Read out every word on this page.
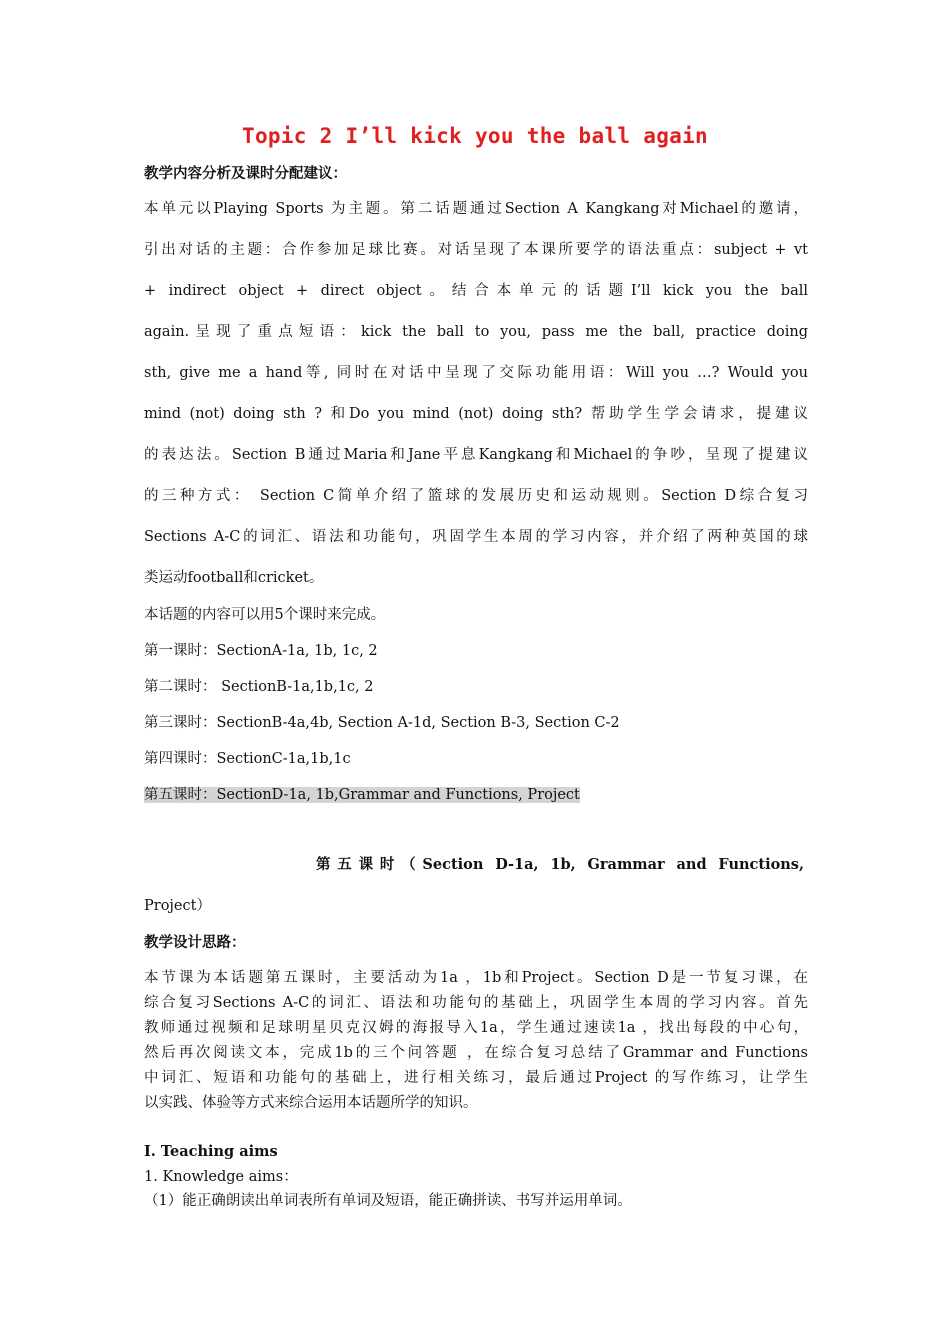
Topic 2 I’ll kick you the ball again
教学内容分析及课时分配建议：
本单元以Playing Sports 为主题。第二话题通过Section A Kangkang对Michael的邀请，
引出对话的主题：合作参加足球比赛。对话呈现了本课所要学的语法重点：subject + vt
+ indirect object + direct object。结合本单元的话题I’ll kick you the ball
again.呈现了重点短语：kick the ball to you, pass me the ball, practice doing
sth, give me a hand等, 同时在对话中呈现了交际功能用语：Will you …? Would you
mind (not) doing sth ? 和Do you mind (not) doing sth? 帮助学生学会请求，提建议
的表达法。Section B通过Maria和Jane平息Kangkang和Michael的争吵，呈现了提建议
的三种方式： Section C简单介绍了篮球的发展历史和运动规则。Section D综合复习
Sections A-C的词汇、语法和功能句，巩固学生本周的学习内容，并介绍了两种英国的球
类运动football和cricket。
本话题的内容可以用5个课时来完成。
第一课时：SectionA-1a, 1b, 1c, 2
第二课时： SectionB-1a,1b,1c, 2
第三课时：SectionB-4a,4b, Section A-1d, Section B-3, Section C-2
第四课时：SectionC-1a,1b,1c
第五课时：SectionD-1a, 1b,Grammar and Functions, Project
第五课时（Section D-1a, 1b, Grammar and Functions,
Project）
教学设计思路：
本节课为本话题第五课时，主要活动为1a ，1b和Project。Section D是一节复习课，在
综合复习Sections A-C的词汇、语法和功能句的基础上，巩固学生本周的学习内容。首先
教师通过视频和足球明星贝克汉姆的海报导入1a，学生通过速读1a ，找出每段的中心句，
然后再次阅读文本，完成1b的三个问答题 ，在综合复习总结了Grammar and Functions
中词汇、短语和功能句的基础上，进行相关练习，最后通过Project 的写作练习，让学生
以实践、体验等方式来综合运用本话题所学的知识。
Ⅰ. Teaching aims
1. Knowledge aims：
（1）能正确朗读出单词表所有单词及短语，能正确拼读、书写并运用单词。
